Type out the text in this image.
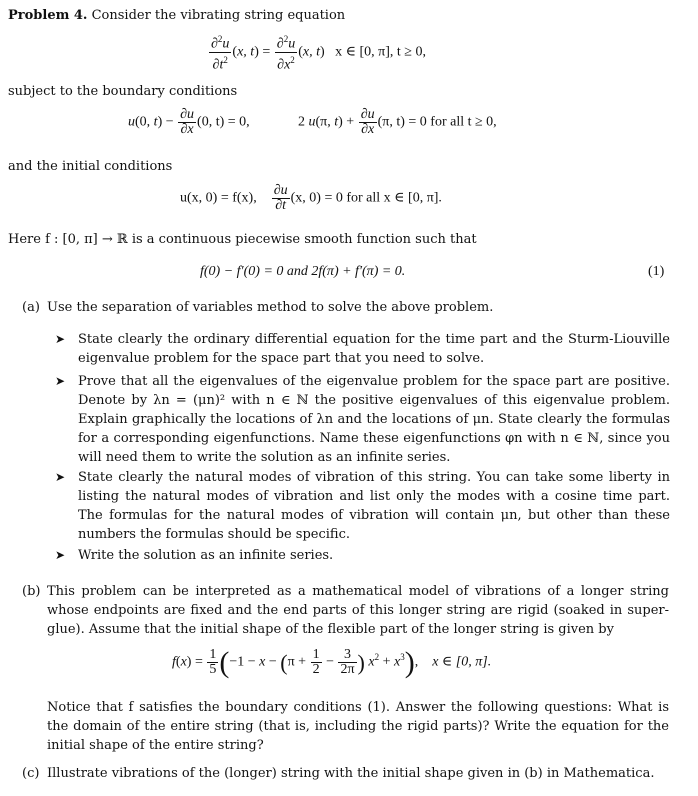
Problem 4. Consider the vibrating string equation
$\frac{\partial^2u}{\partial t^2} (x$, $t) = \frac{\partial^2u}{\partial x^2} (x$, t)   x ∈ [0, π], t ≥ 0,
subject to the boundary conditions
u(0, $t) - \frac{\partial u}{\partial x} (0$, t) = 0,	2 u(π, $t) + \frac{\partial u}{\partial x} (\pi$, t) = 0 for all t ≥ 0,
and the initial conditions
u(x, 0) = f(x), $\frac{\partial u}{\partial t} (x$, 0) = 0 for all x ∈ [0, π].
Here f : [0, π] → ℝ is a continuous piecewise smooth function such that
f(0) − f′(0) = 0 and 2f(π) + f′(π) = 0.	(1)
(a) Use the separation of variables method to solve the above problem.
➤ State clearly the ordinary differential equation for the time part and the Sturm-Liouville eigenvalue problem for the space part that you need to solve.
➤ Prove that all the eigenvalues of the eigenvalue problem for the space part are positive. Denote by λn = (μn)² with n ∈ ℕ the positive eigenvalues of this eigenvalue problem. Explain graphically the locations of λn and the locations of μn. State clearly the formulas for a corresponding eigenfunctions. Name these eigenfunctions φn with n ∈ ℕ, since you will need them to write the solution as an infinite series.
➤ State clearly the natural modes of vibration of this string. You can take some liberty in listing the natural modes of vibration and list only the modes with a cosine time part. The formulas for the natural modes of vibration will contain μn, but other than these numbers the formulas should be specific.
➤ Write the solution as an infinite series.
(b) This problem can be interpreted as a mathematical model of vibrations of a longer string whose endpoints are fixed and the end parts of this longer string are rigid (soaked in super-glue). Assume that the initial shape of the flexible part of the longer string is given by
$f(x) = \frac{1}{5} (-1 - x - (\pi + \frac{1}{2} - \frac{3}{2\pi}$ ) $x^2 + x^3$),    x ∈ [0, π].
Notice that f satisfies the boundary conditions (1). Answer the following questions: What is the domain of the entire string (that is, including the rigid parts)? Write the equation for the initial shape of the entire string?
(c) Illustrate vibrations of the (longer) string with the initial shape given in (b) in Mathematica.
